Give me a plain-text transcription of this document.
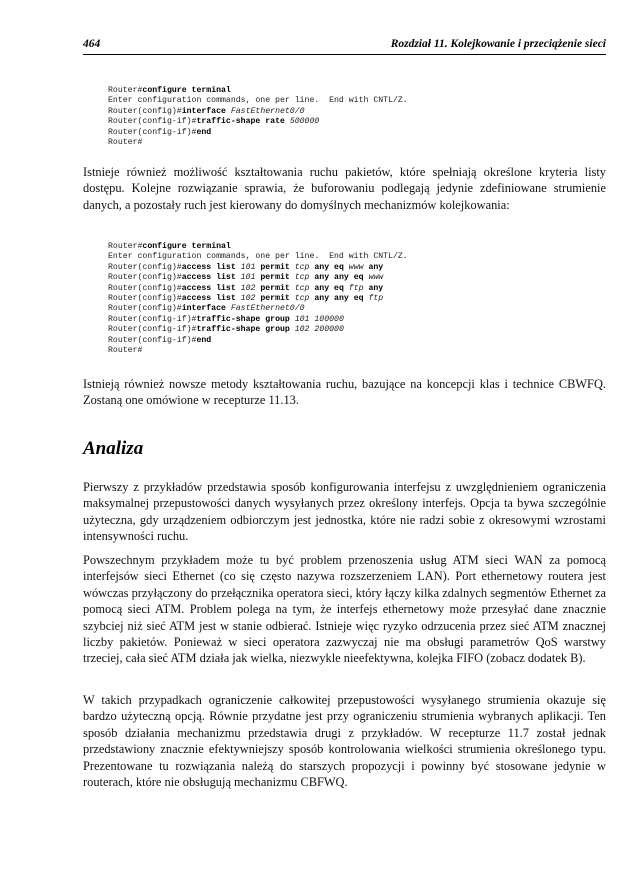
464	Rozdział 11. Kolejkowanie i przeciążenie sieci
Router#configure terminal
Enter configuration commands, one per line.  End with CNTL/Z.
Router(config)#interface FastEthernet0/0
Router(config-if)#traffic-shape rate 500000
Router(config-if)#end
Router#

Istnieje również możliwość kształtowania ruchu pakietów, które spełniają określone kryteria listy dostępu. Kolejne rozwiązanie sprawia, że buforowaniu podlegają jedynie zdefiniowane strumienie danych, a pozostały ruch jest kierowany do domyślnych mechanizmów kolejkowania:

Router#configure terminal
Enter configuration commands, one per line.  End with CNTL/Z.
Router(config)#access list 101 permit tcp any eq www any
Router(config)#access list 101 permit tcp any any eq www
Router(config)#access list 102 permit tcp any eq ftp any
Router(config)#access list 102 permit tcp any any eq ftp
Router(config)#interface FastEthernet0/0
Router(config-if)#traffic-shape group 101 100000
Router(config-if)#traffic-shape group 102 200000
Router(config-if)#end
Router#

Istnieją również nowsze metody kształtowania ruchu, bazujące na koncepcji klas i technice CBWFQ. Zostaną one omówione w recepturze 11.13.

Analiza

Pierwszy z przykładów przedstawia sposób konfigurowania interfejsu z uwzględnieniem ograniczenia maksymalnej przepustowości danych wysyłanych przez określony interfejs. Opcja ta bywa szczególnie użyteczna, gdy urządzeniem odbiorczym jest jednostka, które nie radzi sobie z okresowymi wzrostami intensywności ruchu.

Powszechnym przykładem może tu być problem przenoszenia usług ATM sieci WAN za pomocą interfejsów sieci Ethernet (co się często nazywa rozszerzeniem LAN). Port ethernetowy routera jest wówczas przyłączony do przełącznika operatora sieci, który łączy kilka zdalnych segmentów Ethernet za pomocą sieci ATM. Problem polega na tym, że interfejs ethernetowy może przesyłać dane znacznie szybciej niż sieć ATM jest w stanie odbierać. Istnieje więc ryzyko odrzucenia przez sieć ATM znacznej liczby pakietów. Ponieważ w sieci operatora zazwyczaj nie ma obsługi parametrów QoS warstwy trzeciej, cała sieć ATM działa jak wielka, niezwykle nieefektywna, kolejka FIFO (zobacz dodatek B).

W takich przypadkach ograniczenie całkowitej przepustowości wysyłanego strumienia okazuje się bardzo użyteczną opcją. Równie przydatne jest przy ograniczeniu strumienia wybranych aplikacji. Ten sposób działania mechanizmu przedstawia drugi z przykładów. W recepturze 11.7 został jednak przedstawiony znacznie efektywniejszy sposób kontrolowania wielkości strumienia określonego typu. Prezentowane tu rozwiązania należą do starszych propozycji i powinny być stosowane jedynie w routerach, które nie obsługują mechanizmu CBFWQ.
